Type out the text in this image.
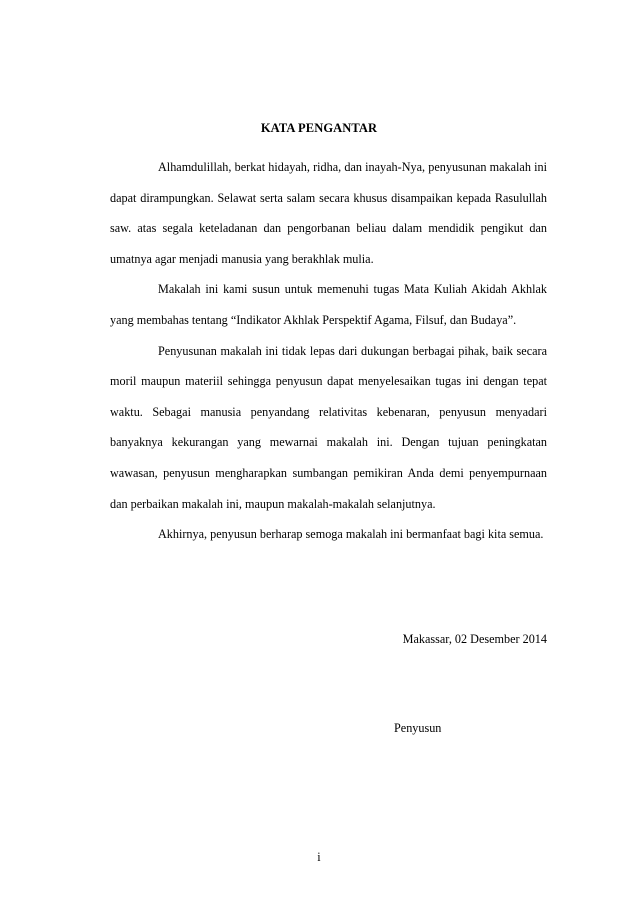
KATA PENGANTAR

Alhamdulillah, berkat hidayah, ridha, dan inayah-Nya, penyusunan makalah ini dapat dirampungkan. Selawat serta salam secara khusus disampaikan kepada Rasulullah saw. atas segala keteladanan dan pengorbanan beliau dalam mendidik pengikut dan umatnya agar menjadi manusia yang berakhlak mulia.

Makalah ini kami susun untuk memenuhi tugas Mata Kuliah Akidah Akhlak yang membahas tentang “Indikator Akhlak Perspektif Agama, Filsuf, dan Budaya”.

Penyusunan makalah ini tidak lepas dari dukungan berbagai pihak, baik secara moril maupun materiil sehingga penyusun dapat menyelesaikan tugas ini dengan tepat waktu. Sebagai manusia penyandang relativitas kebenaran, penyusun menyadari banyaknya kekurangan yang mewarnai makalah ini. Dengan tujuan peningkatan wawasan, penyusun mengharapkan sumbangan pemikiran Anda demi penyempurnaan dan perbaikan makalah ini, maupun makalah-makalah selanjutnya.

Akhirnya, penyusun berharap semoga makalah ini bermanfaat bagi kita semua.

Makassar, 02 Desember 2014
Penyusun
i
